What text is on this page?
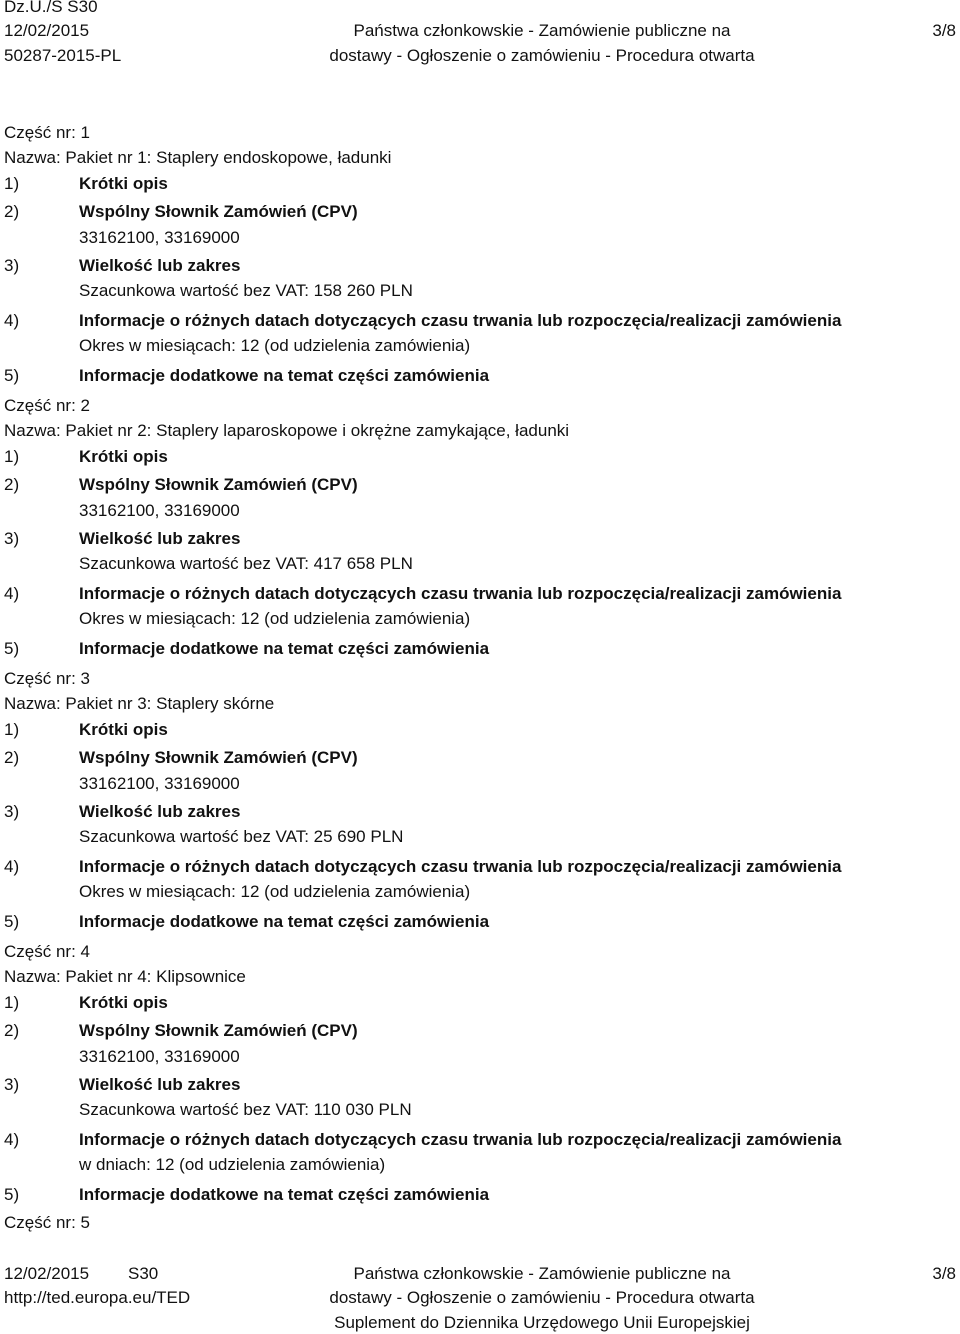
Dz.U./S S30
12/02/2015
50287-2015-PL
Państwa członkowskie - Zamówienie publiczne na
dostawy - Ogłoszenie o zamówieniu - Procedura otwarta
3/8
Część nr: 1
Nazwa: Pakiet nr 1: Staplery endoskopowe, ładunki
1)	Krótki opis
2)	Wspólny Słownik Zamówień (CPV)
33162100, 33169000
3)	Wielkość lub zakres
Szacunkowa wartość bez VAT: 158 260 PLN
4)	Informacje o różnych datach dotyczących czasu trwania lub rozpoczęcia/realizacji zamówienia
Okres w miesiącach: 12 (od udzielenia zamówienia)
5)	Informacje dodatkowe na temat części zamówienia
Część nr: 2
Nazwa: Pakiet nr 2: Staplery laparoskopowe i okrężne zamykające, ładunki
1)	Krótki opis
2)	Wspólny Słownik Zamówień (CPV)
33162100, 33169000
3)	Wielkość lub zakres
Szacunkowa wartość bez VAT: 417 658 PLN
4)	Informacje o różnych datach dotyczących czasu trwania lub rozpoczęcia/realizacji zamówienia
Okres w miesiącach: 12 (od udzielenia zamówienia)
5)	Informacje dodatkowe na temat części zamówienia
Część nr: 3
Nazwa: Pakiet nr 3: Staplery skórne
1)	Krótki opis
2)	Wspólny Słownik Zamówień (CPV)
33162100, 33169000
3)	Wielkość lub zakres
Szacunkowa wartość bez VAT: 25 690 PLN
4)	Informacje o różnych datach dotyczących czasu trwania lub rozpoczęcia/realizacji zamówienia
Okres w miesiącach: 12 (od udzielenia zamówienia)
5)	Informacje dodatkowe na temat części zamówienia
Część nr: 4
Nazwa: Pakiet nr 4: Klipsownice
1)	Krótki opis
2)	Wspólny Słownik Zamówień (CPV)
33162100, 33169000
3)	Wielkość lub zakres
Szacunkowa wartość bez VAT: 110 030 PLN
4)	Informacje o różnych datach dotyczących czasu trwania lub rozpoczęcia/realizacji zamówienia
w dniach: 12 (od udzielenia zamówienia)
5)	Informacje dodatkowe na temat części zamówienia
Część nr: 5
12/02/2015 S30
http://ted.europa.eu/TED
Państwa członkowskie - Zamówienie publiczne na
dostawy - Ogłoszenie o zamówieniu - Procedura otwarta
Suplement do Dziennika Urzędowego Unii Europejskiej
3/8
